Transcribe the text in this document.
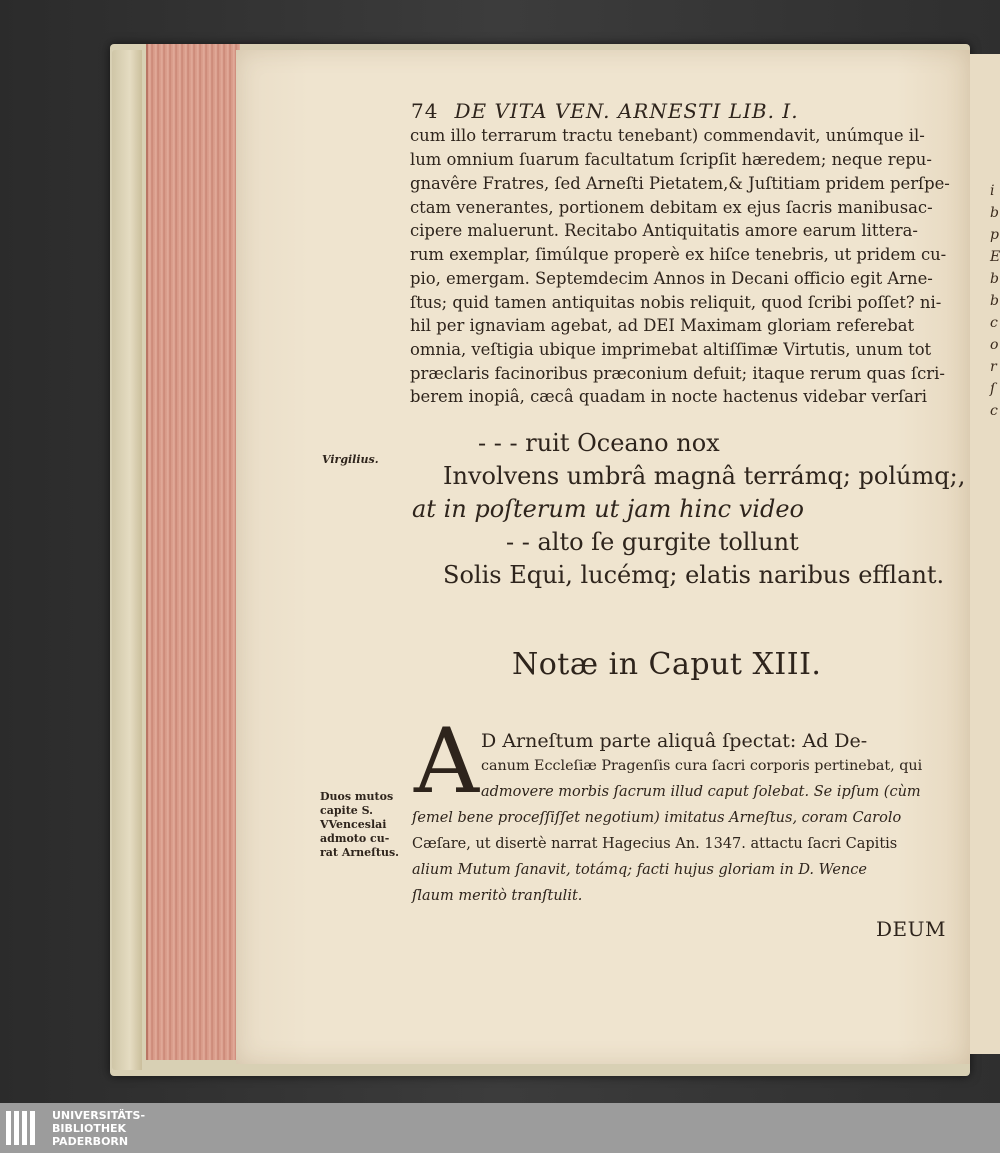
i
b
p
E
b
b
c
o
r
ſ
c
74 DE VITA VEN. ARNESTI LIB. I.
cum illo terrarum tractu tenebant) commendavit, unúmque il-
lum omnium ſuarum facultatum ſcripſit hæredem; neque repu-
gnavêre Fratres, ſed Arneſti Pietatem,& Juſtitiam pridem perſpe-
ctam venerantes, portionem debitam ex ejus ſacris manibusac-
cipere maluerunt. Recitabo Antiquitatis amore earum littera-
rum exemplar, ſimúlque properè ex hiſce tenebris, ut pridem cu-
pio, emergam. Septemdecim Annos in Decani officio egit Arne-
ſtus; quid tamen antiquitas nobis reliquit, quod ſcribi poſſet? ni-
hil per ignaviam agebat, ad DEI Maximam gloriam referebat
omnia, veſtigia ubique imprimebat altiſſimæ Virtutis, unum tot
præclaris facinoribus præconium defuit; itaque rerum quas ſcri-
berem inopiâ, cæcâ quadam in nocte hactenus videbar verſari
Virgilius.
- - - ruit Oceano nox
Involvens umbrâ magnâ terrámq; polúmq;,
at in poſterum ut jam hinc video
- - alto ſe gurgite tollunt
Solis Equi, lucémq; elatis naribus efflant.
Notæ in Caput XIII.
A D Arneſtum parte aliquâ ſpectat: Ad De-
canum Eccleſiæ Pragenſis cura ſacri corporis pertinebat, qui
admovere morbis ſacrum illud caput ſolebat. Se ipſum (cùm
ſemel bene proceſſiſſet negotium) imitatus Arneſtus, coram Carolo
Cæſare, ut disertè narrat Hagecius An. 1347. attactu ſacri Capitis
alium Mutum ſanavit, totámq; facti hujus gloriam in D. Wence
ſlaum meritò tranſtulit.
Duos mutos
capite S.
VVenceslai
admoto cu-
rat Arneſtus.
DEUM
UNIVERSITÄTS-
BIBLIOTHEK
PADERBORN
